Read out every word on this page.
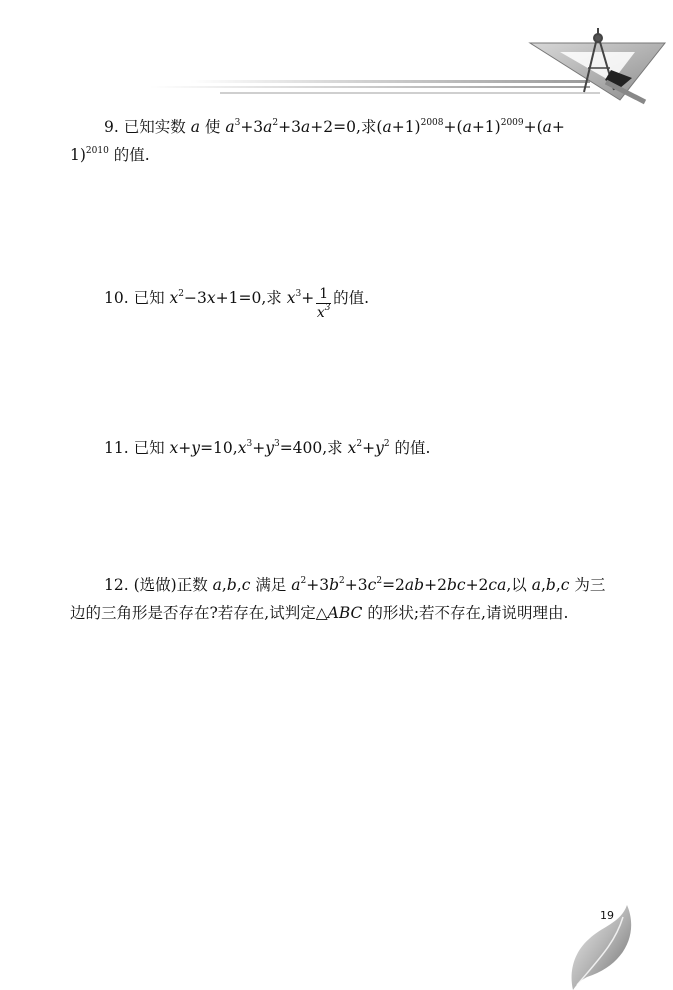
9. 已知实数 a 使 $a^3+3a^2+3a+2=0$,求$(a+1)^{2008}+(a+1)^{2009}+(a+$
1)$^{2010}$ 的值.
10. 已知 $x^2-3x+1=0$,求 $x^3+ \frac{1}{x^3}$ 的值.
11. 已知 $x+y=10,x^3+y^3=400$,求 $x^2+y^2$ 的值.
12. (选做)正数 a,b,c 满足 $a^2+3b^2+3c^2=2ab+2bc+2ca$,以 a,b,c 为三
边的三角形是否存在?若存在,试判定△ABC 的形状;若不存在,请说明理由.
19
